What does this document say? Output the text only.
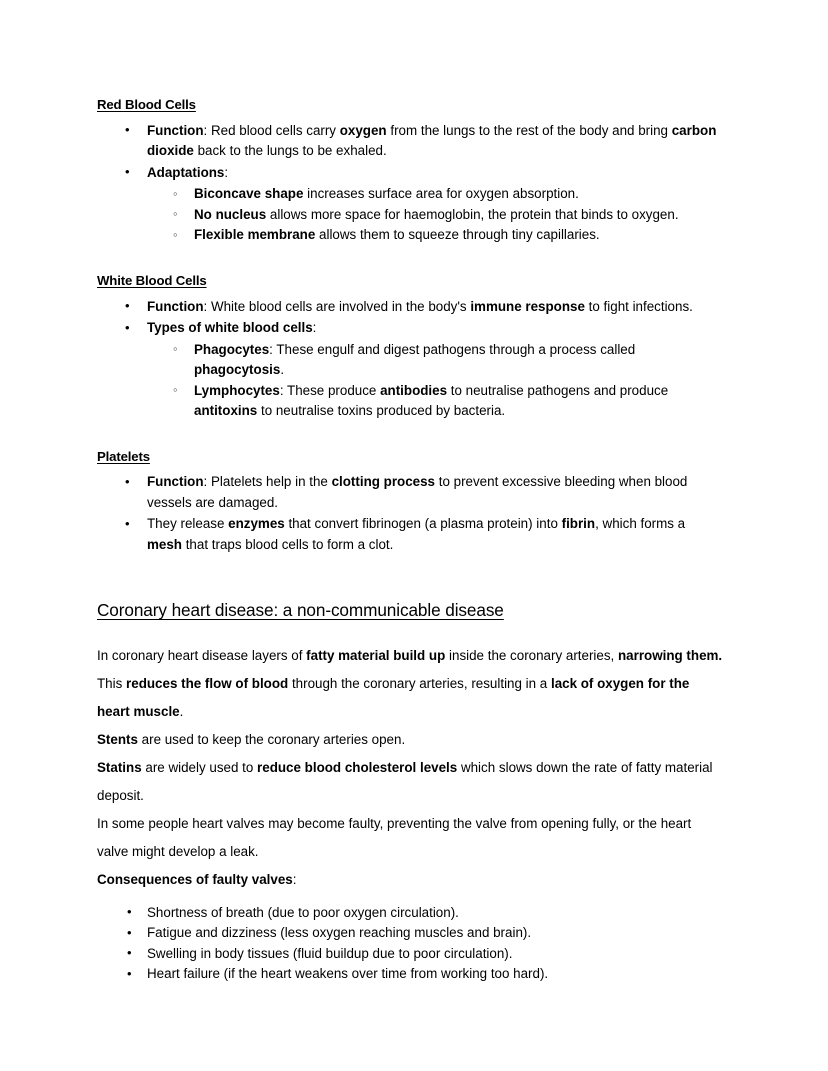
Red Blood Cells
• Function: Red blood cells carry oxygen from the lungs to the rest of the body and bring carbon dioxide back to the lungs to be exhaled.
• Adaptations:
◦ Biconcave shape increases surface area for oxygen absorption.
◦ No nucleus allows more space for haemoglobin, the protein that binds to oxygen.
◦ Flexible membrane allows them to squeeze through tiny capillaries.
White Blood Cells
• Function: White blood cells are involved in the body's immune response to fight infections.
• Types of white blood cells:
◦ Phagocytes: These engulf and digest pathogens through a process called phagocytosis.
◦ Lymphocytes: These produce antibodies to neutralise pathogens and produce antitoxins to neutralise toxins produced by bacteria.
Platelets
• Function: Platelets help in the clotting process to prevent excessive bleeding when blood vessels are damaged.
• They release enzymes that convert fibrinogen (a plasma protein) into fibrin, which forms a mesh that traps blood cells to form a clot.
Coronary heart disease: a non-communicable disease

In coronary heart disease layers of fatty material build up inside the coronary arteries, narrowing them. This reduces the flow of blood through the coronary arteries, resulting in a lack of oxygen for the heart muscle.

Stents are used to keep the coronary arteries open.

Statins are widely used to reduce blood cholesterol levels which slows down the rate of fatty material deposit.

In some people heart valves may become faulty, preventing the valve from opening fully, or the heart valve might develop a leak.

Consequences of faulty valves:
• Shortness of breath (due to poor oxygen circulation).
• Fatigue and dizziness (less oxygen reaching muscles and brain).
• Swelling in body tissues (fluid buildup due to poor circulation).
• Heart failure (if the heart weakens over time from working too hard).
